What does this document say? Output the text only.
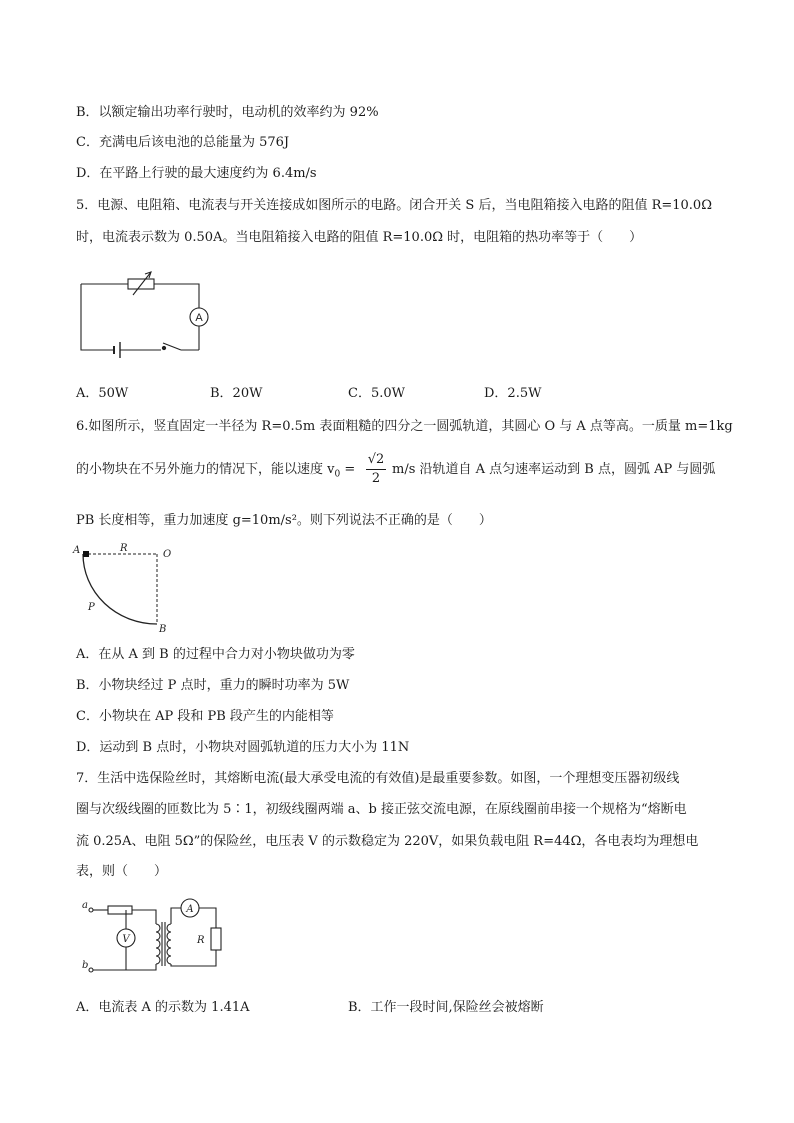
B．以额定输出功率行驶时，电动机的效率约为 92%
C．充满电后该电池的总能量为 576J
D．在平路上行驶的最大速度约为 6.4m/s
5．电源、电阻箱、电流表与开关连接成如图所示的电路。闭合开关 S 后，当电阻箱接入电路的阻值 R=10.0Ω
时，电流表示数为 0.50A。当电阻箱接入电路的阻值 R=10.0Ω 时，电阻箱的热功率等于（　　）
A
A．50W	B．20W	C．5.0W	D．2.5W
6.如图所示，竖直固定一半径为 R=0.5m 表面粗糙的四分之一圆弧轨道，其圆心 O 与 A 点等高。一质量 m=1kg
的小物块在不另外施力的情况下，能以速度 $v_0 = \frac{√2}{2} m/s$ 沿轨道自 A 点匀速率运动到 B 点，圆弧 AP 与圆弧
PB 长度相等，重力加速度 g=10m/s²。则下列说法不正确的是（　　）
A	R
O
P
B
A．在从 A 到 B 的过程中合力对小物块做功为零
B．小物块经过 P 点时，重力的瞬时功率为 5W
C．小物块在 AP 段和 PB 段产生的内能相等
D．运动到 B 点时，小物块对圆弧轨道的压力大小为 11N
7．生活中选保险丝时，其熔断电流(最大承受电流的有效值)是最重要参数。如图，一个理想变压器初级线
圈与次级线圈的匝数比为 5∶1，初级线圈两端 a、b 接正弦交流电源，在原线圈前串接一个规格为“熔断电
流 0.25A、电阻 5Ω”的保险丝，电压表 V 的示数稳定为 220V，如果负载电阻 R=44Ω，各电表均为理想电
表，则（　　）
a
b
V
A
R
A．电流表 A 的示数为 1.41A	B．工作一段时间,保险丝会被熔断
